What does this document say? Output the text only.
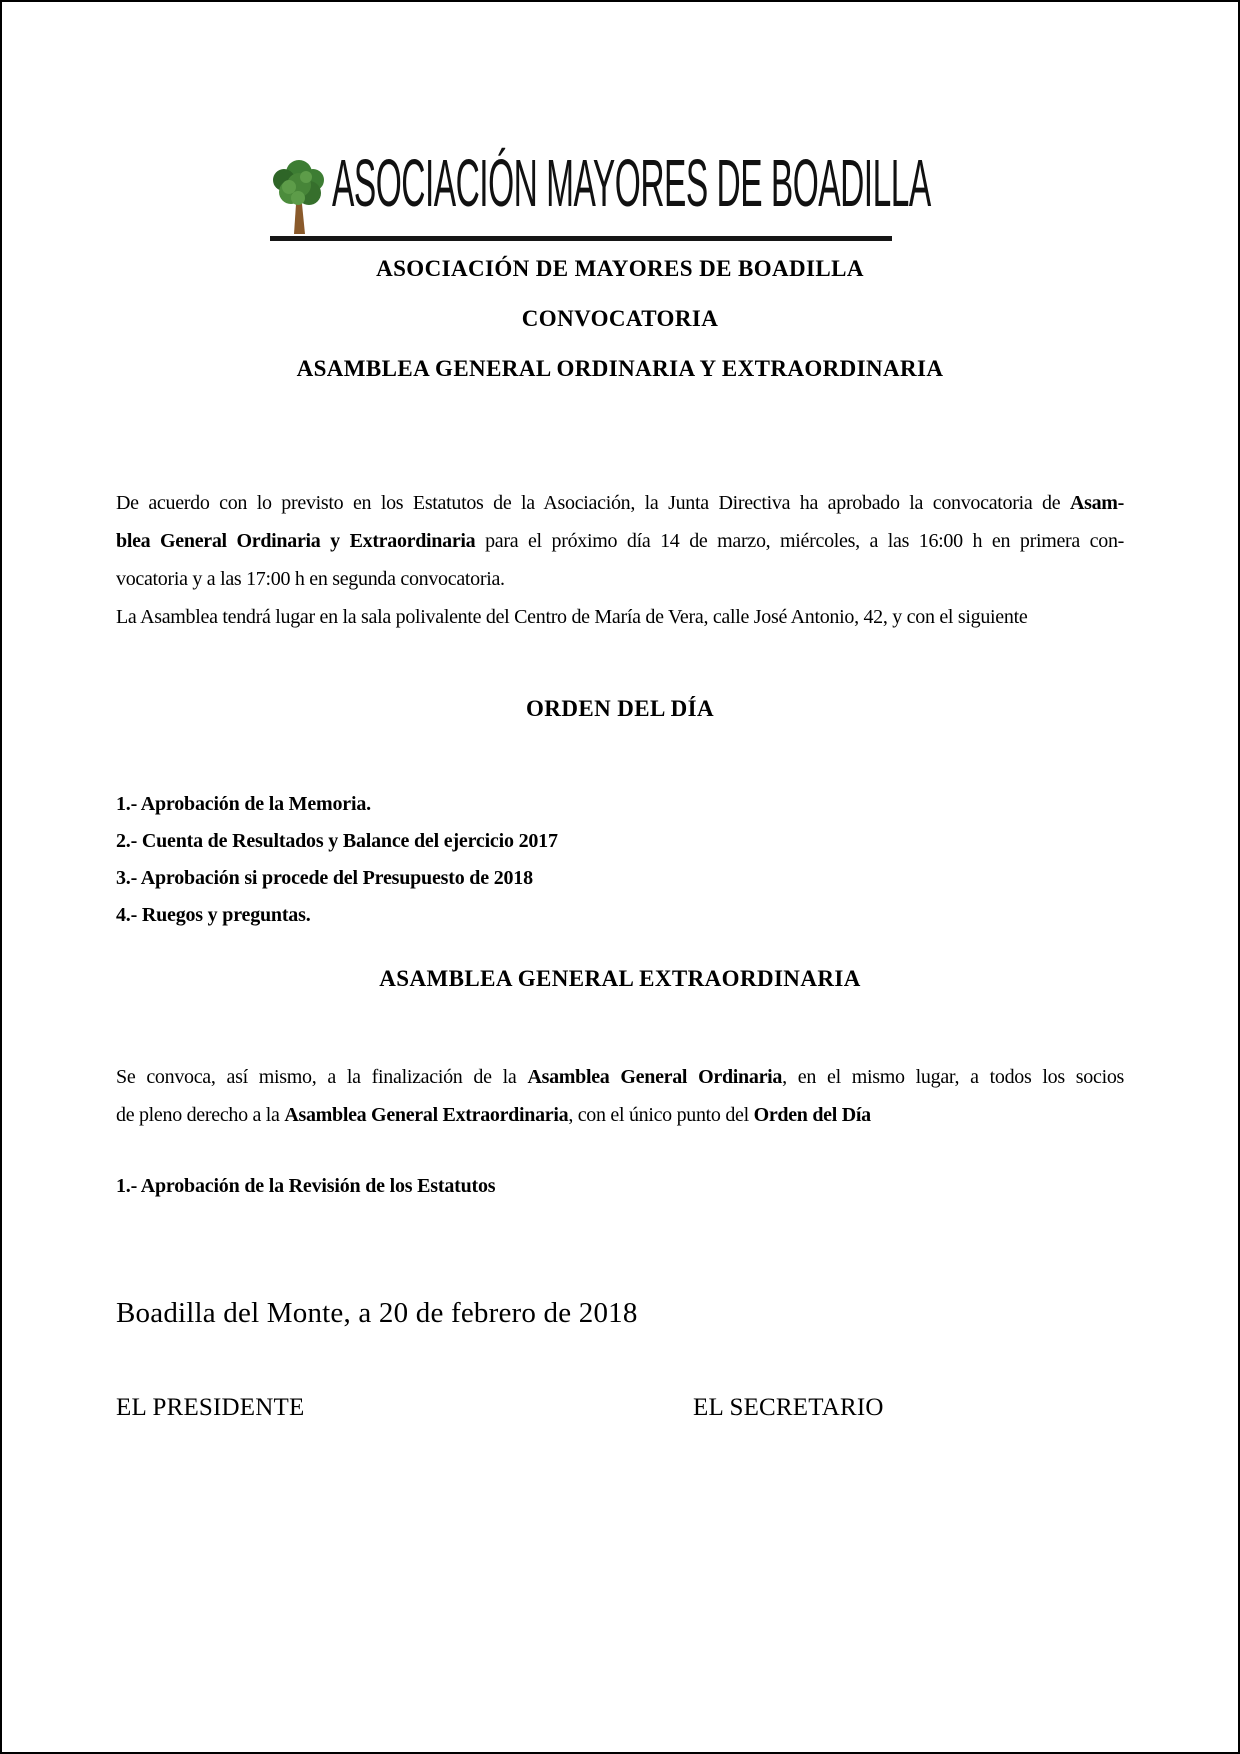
ASOCIACIÓN MAYORES DE BOADILLA
ASOCIACIÓN DE MAYORES DE BOADILLA
CONVOCATORIA
ASAMBLEA GENERAL ORDINARIA Y EXTRAORDINARIA
De acuerdo con lo previsto en los Estatutos de la Asociación, la Junta Directiva ha aprobado la convocatoria de Asam-
blea General Ordinaria y Extraordinaria para el próximo día 14 de marzo, miércoles, a las 16:00 h en primera con-
vocatoria y a las 17:00 h en segunda convocatoria.
La Asamblea tendrá lugar en la sala polivalente del Centro de María de Vera, calle José Antonio, 42, y con el siguiente
ORDEN DEL DÍA
1.- Aprobación de la Memoria.
2.- Cuenta de Resultados y Balance del ejercicio 2017
3.- Aprobación si procede del Presupuesto de 2018
4.- Ruegos y preguntas.
ASAMBLEA GENERAL EXTRAORDINARIA
Se convoca, así mismo, a la finalización de la Asamblea General Ordinaria, en el mismo lugar, a todos los socios
de pleno derecho a la Asamblea General Extraordinaria, con el único punto del Orden del Día
1.- Aprobación de la Revisión de los Estatutos
Boadilla del Monte, a 20 de febrero de 2018
EL PRESIDENTE	EL SECRETARIO
